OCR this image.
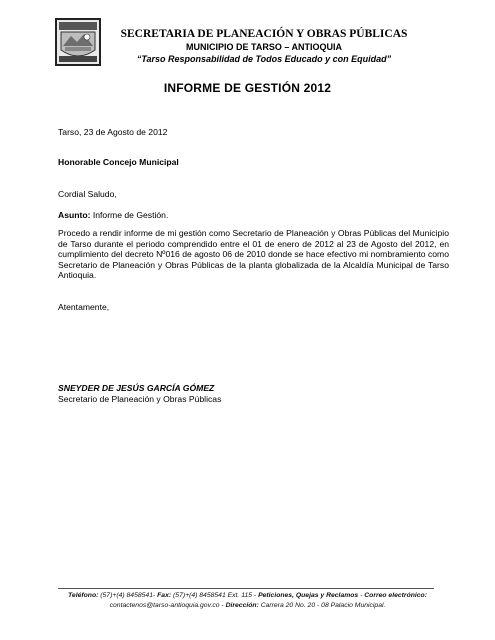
SECRETARIA DE PLANEACIÓN Y OBRAS PÚBLICAS
MUNICIPIO DE TARSO – ANTIOQUIA
“Tarso Responsabilidad de Todos Educado y con Equidad”
INFORME DE GESTIÓN 2012
Tarso, 23 de Agosto de 2012
Honorable Concejo Municipal
Cordial Saludo,
Asunto: Informe de Gestión.
Procedo a rendir informe de mi gestión como Secretario de Planeación y Obras Públicas del Municipio de Tarso durante el periodo comprendido entre el 01 de enero de 2012 al 23 de Agosto del 2012, en cumplimiento del decreto Nº016 de agosto 06 de 2010 donde se hace efectivo mi nombramiento como Secretario de Planeación y Obras Públicas de la planta globalizada de la Alcaldía Municipal de Tarso Antioquia.
Atentamente,
SNEYDER DE JESÚS GARCÍA GÓMEZ
Secretario de Planeación y Obras Públicas
Teléfono: (57)+(4) 8458541- Fax: (57)+(4) 8458541 Ext. 115 - Peticiones, Quejas y Reclamos - Correo electrónico: contactenos@tarso-antioquia.gov.co - Dirección: Carrera 20 No. 20 - 08 Palacio Municipal.
